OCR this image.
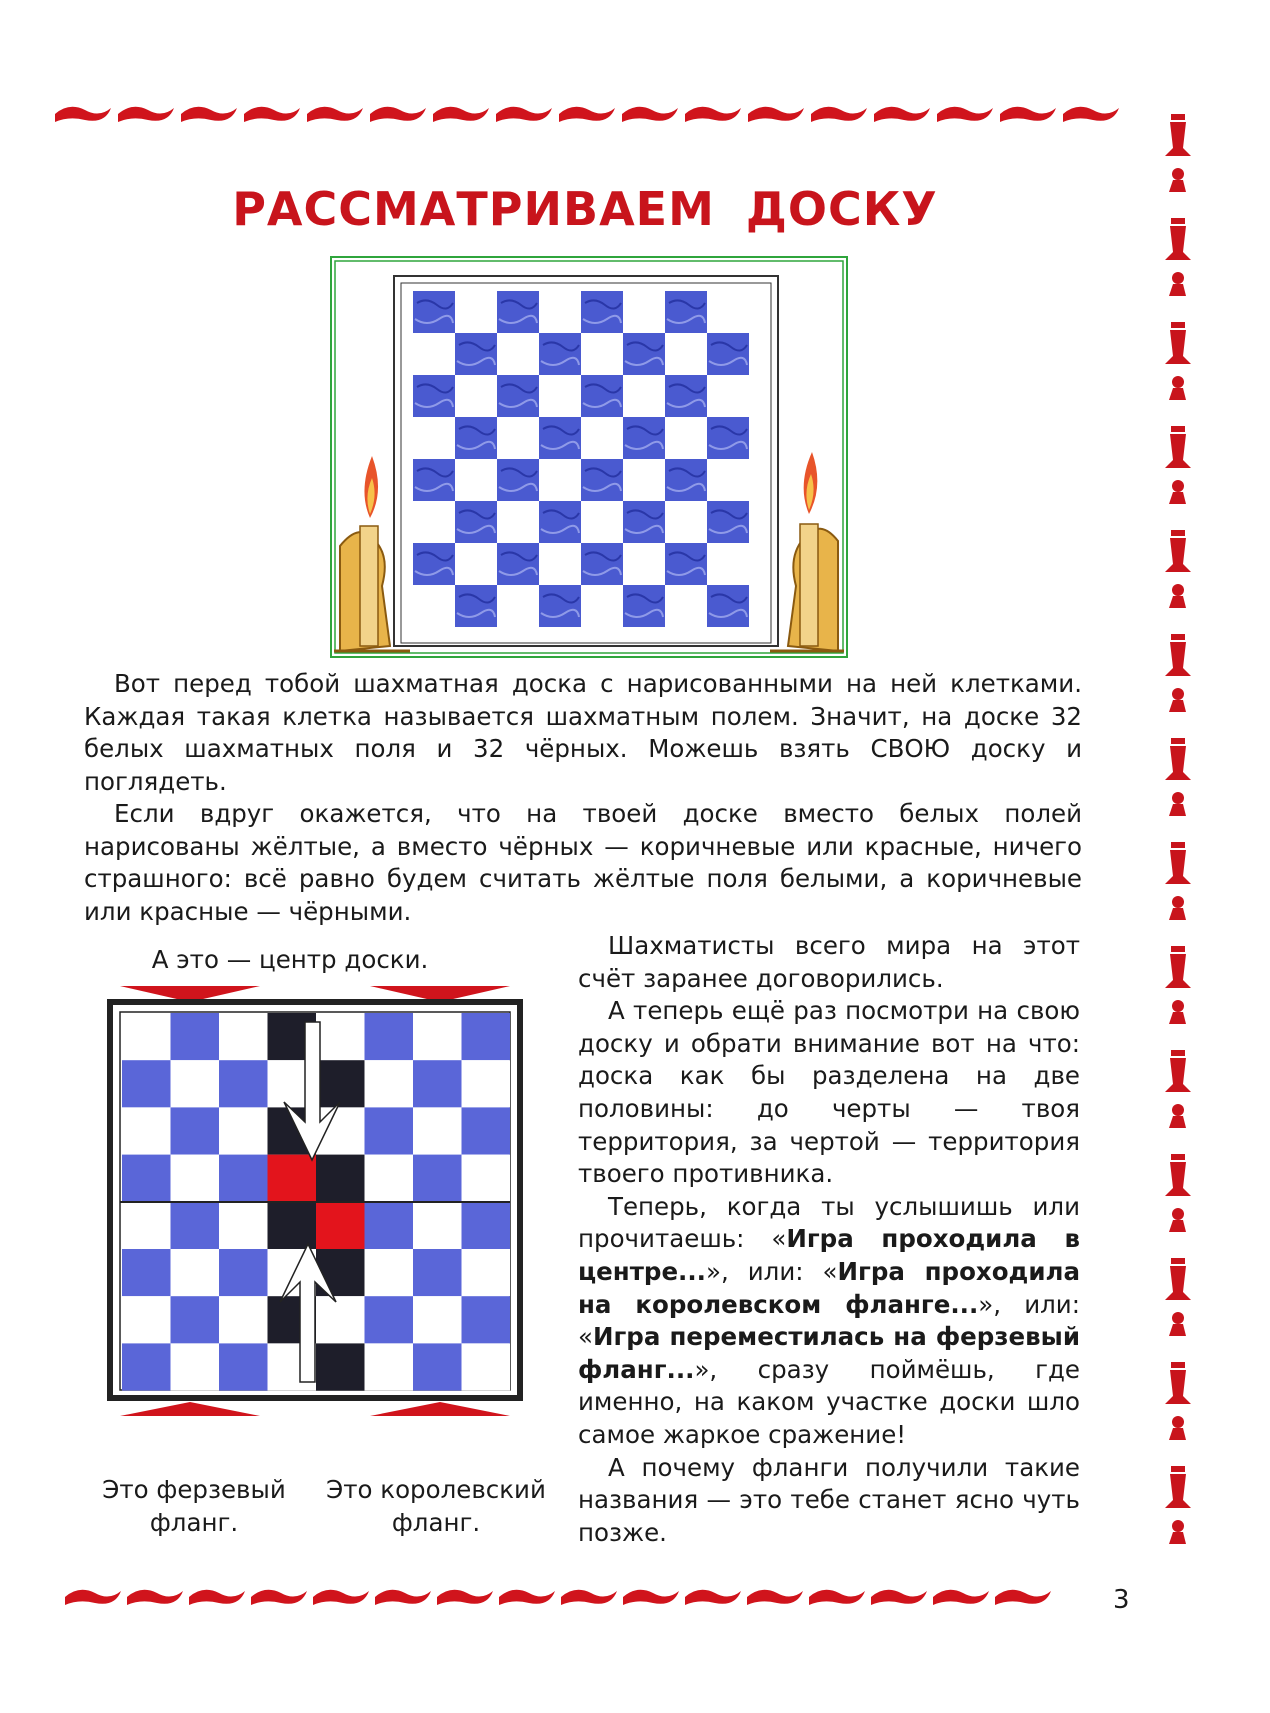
РАССМАТРИВАЕМ ДОСКУ

Вот перед тобой шахматная доска с нарисованными на ней клетками. Каждая такая клетка называется шахматным полем. Значит, на доске 32 белых шахматных поля и 32 чёрных. Можешь взять СВОЮ доску и поглядеть.

Если вдруг окажется, что на твоей доске вместо белых полей нарисованы жёлтые, а вместо чёрных — коричневые или красные, ничего страшного: всё равно будем считать жёлтые поля белыми, а коричневые или красные — чёрными.

А это — центр доски.
Это ферзевый фланг.
Это королевский фланг.

Шахматисты всего мира на этот счёт заранее договорились.

А теперь ещё раз посмотри на свою доску и обрати внимание вот на что: доска как бы разделена на две половины: до черты — твоя территория, за чертой — территория твоего противника.

Теперь, когда ты услышишь или прочитаешь: «Игра проходила в центре...», или: «Игра проходила на королевском фланге...», или: «Игра переместилась на ферзевый фланг...», сразу поймёшь, где именно, на каком участке доски шло самое жаркое сражение!

А почему фланги получили такие названия — это тебе станет ясно чуть позже.

3
